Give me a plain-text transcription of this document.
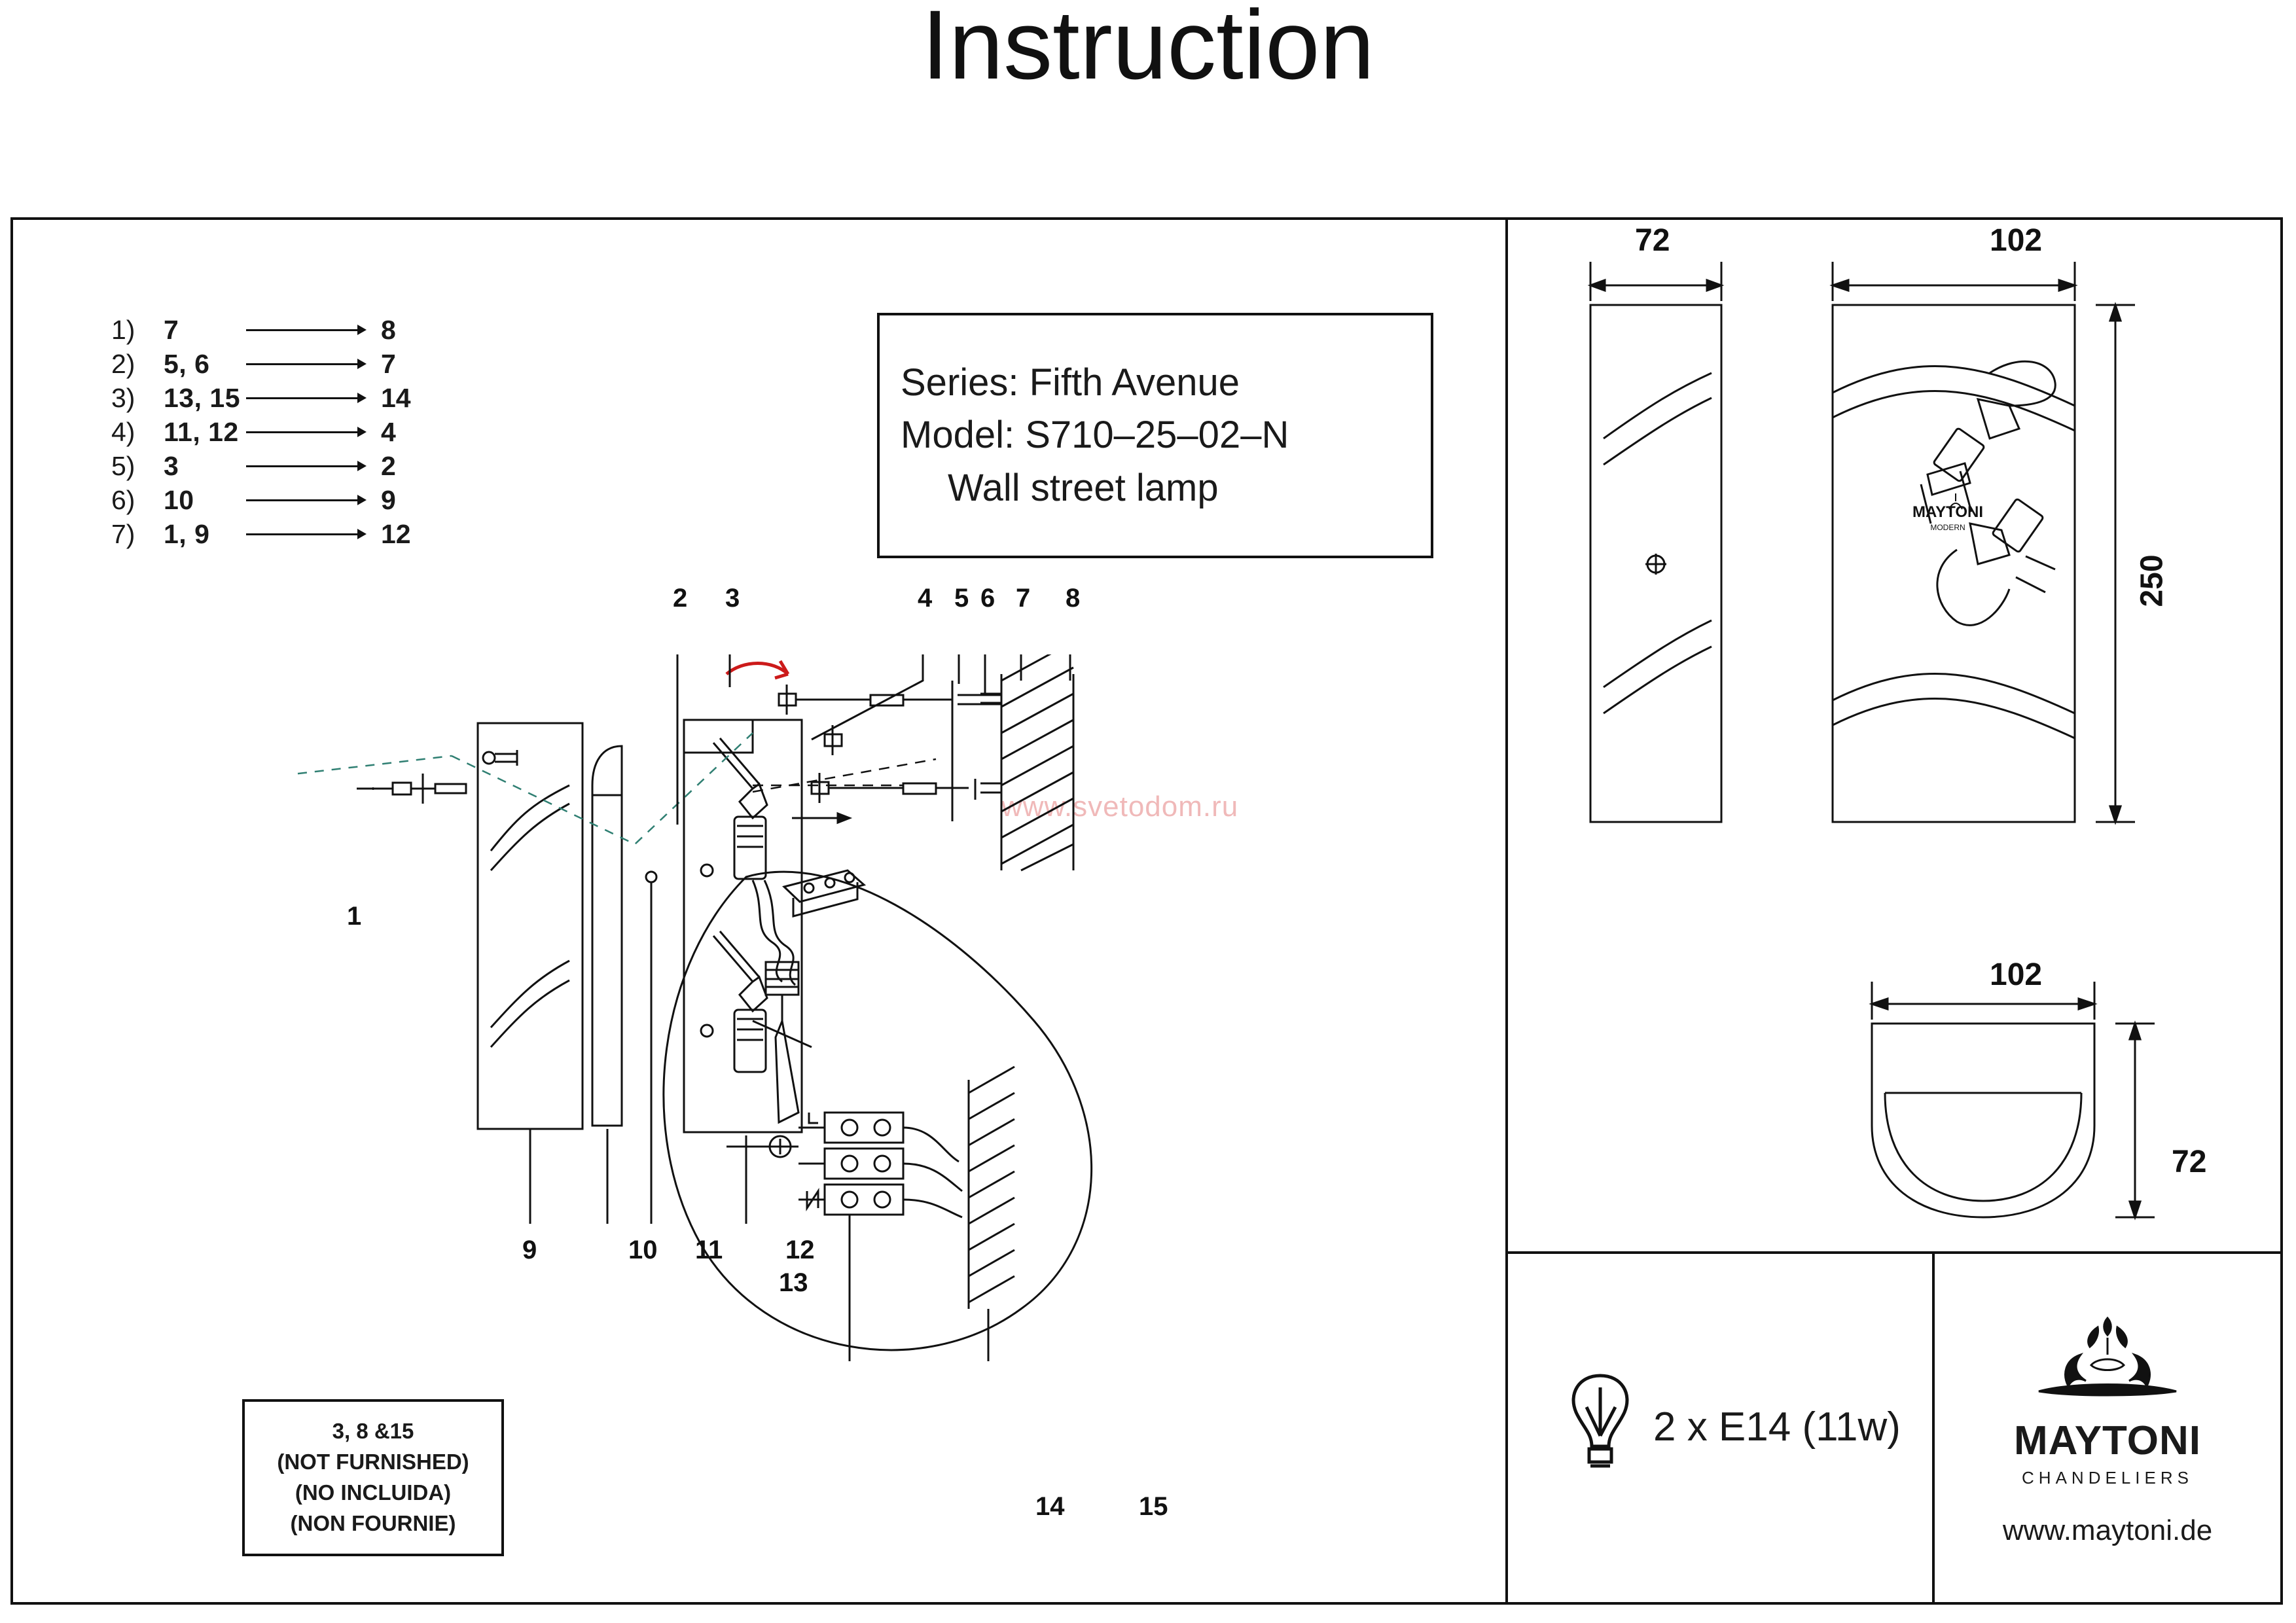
Instruction
1)	7	8
2)	5, 6	7
3)	13, 15	14
4)	11, 12	4
5)	3	2
6)	10	9
7)	1, 9	12
Series: Fifth Avenue
Model: S710–25–02–N
Wall street lamp
3, 8 &15
(NOT FURNISHED)
(NO INCLUIDA)
(NON FOURNIE)
www.svetodom.ru
2 3	4 5 6 7 8
9	10 11 12
1
13
14	15
72
MAYTONI
MODERN
102
250
102
72
2 x E14 (11w)	MAYTONI
CHANDELIERS
www.maytoni.de
